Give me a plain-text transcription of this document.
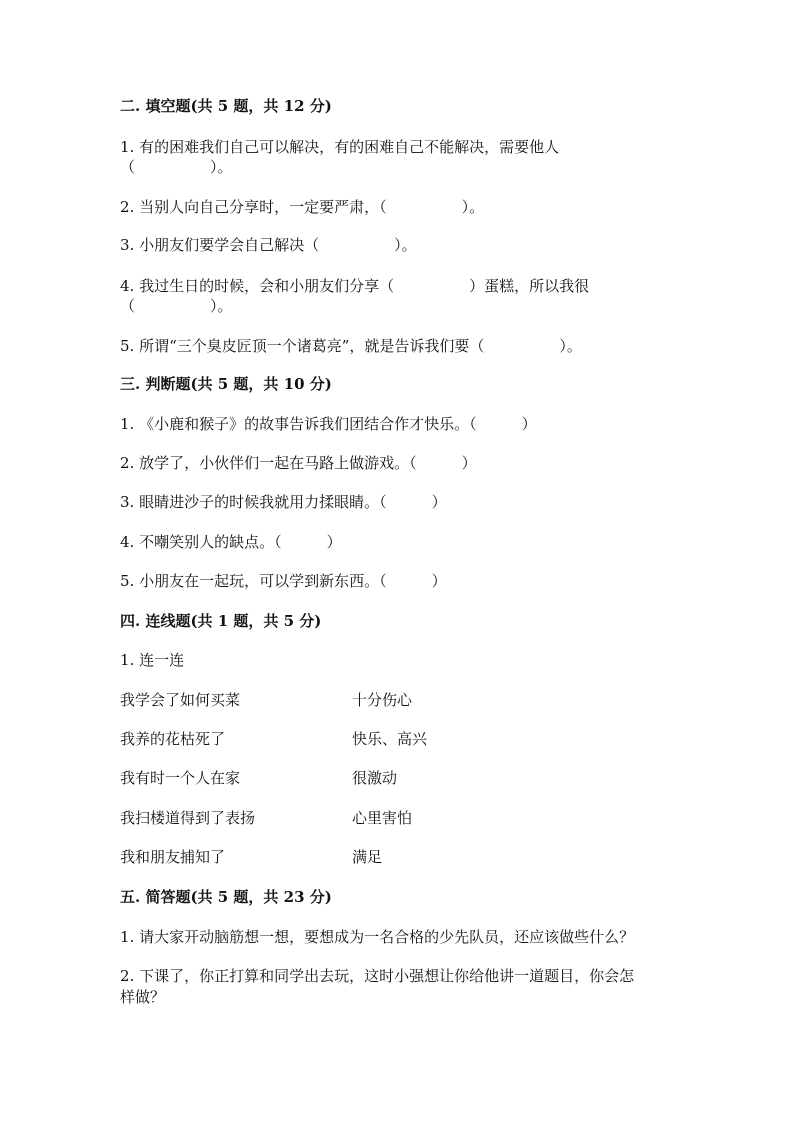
二. 填空题(共 5 题，共 12 分)
1. 有的困难我们自己可以解决，有的困难自己不能解决，需要他人
（　　　　　）。
2. 当别人向自己分享时，一定要严肃，（　　　　　）。
3. 小朋友们要学会自己解决（　　　　　）。
4. 我过生日的时候，会和小朋友们分享（　　　　　）蛋糕，所以我很
（　　　　　）。
5. 所谓“三个臭皮匠顶一个诸葛亮”，就是告诉我们要（　　　　　）。
三. 判断题(共 5 题，共 10 分)
1. 《小鹿和猴子》的故事告诉我们团结合作才快乐。（　　　）
2. 放学了，小伙伴们一起在马路上做游戏。（　　　）
3. 眼睛进沙子的时候我就用力揉眼睛。（　　　）
4. 不嘲笑别人的缺点。（　　　）
5. 小朋友在一起玩，可以学到新东西。（　　　）
四. 连线题(共 1 题，共 5 分)
1. 连一连
我学会了如何买菜	十分伤心
我养的花枯死了	快乐、高兴
我有时一个人在家	很激动
我扫楼道得到了表扬	心里害怕
我和朋友捕知了	满足
五. 简答题(共 5 题，共 23 分)
1. 请大家开动脑筋想一想，要想成为一名合格的少先队员，还应该做些什么？
2. 下课了，你正打算和同学出去玩，这时小强想让你给他讲一道题目，你会怎
样做？
